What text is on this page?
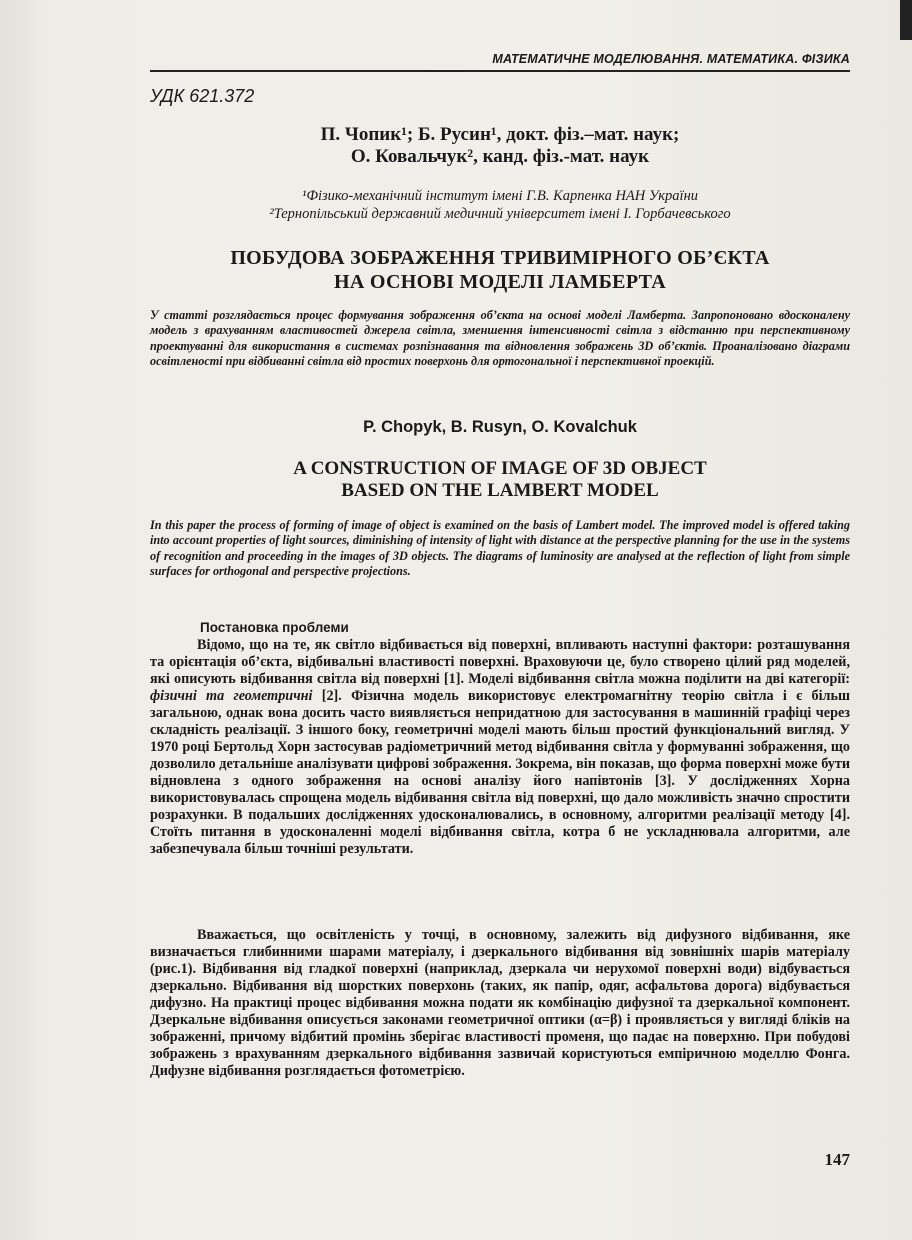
МАТЕМАТИЧНЕ МОДЕЛЮВАННЯ. МАТЕМАТИКА. ФІЗИКА
УДК 621.372
П. Чопик¹; Б. Русин¹, докт. фіз.–мат. наук;
О. Ковальчук², канд. фіз.-мат. наук
¹Фізико-механічний інститут імені Г.В. Карпенка НАН України
²Тернопільський державний медичний університет імені І. Горбачевського
ПОБУДОВА ЗОБРАЖЕННЯ ТРИВИМІРНОГО ОБ’ЄКТА
НА ОСНОВІ МОДЕЛІ ЛАМБЕРТА
У статті розглядається процес формування зображення об’єкта на основі моделі Ламберта. Запропоновано вдосконалену модель з врахуванням властивостей джерела світла, зменшення інтенсивності світла з відстанню при перспективному проектуванні для використання в системах розпізнавання та відновлення зображень 3D об’єктів. Проаналізовано діаграми освітленості при відбиванні світла від простих поверхонь для ортогональної і перспективної проекцій.
P. Chopyk, B. Rusyn, O. Kovalchuk
A CONSTRUCTION OF IMAGE OF 3D OBJECT
BASED ON THE LAMBERT MODEL
In this paper the process of forming of image of object is examined on the basis of Lambert model. The improved model is offered taking into account properties of light sources, diminishing of intensity of light with distance at the perspective planning for the use in the systems of recognition and proceeding in the images of 3D objects. The diagrams of luminosity are analysed at the reflection of light from simple surfaces for orthogonal and perspective projections.
Постановка проблеми
Відомо, що на те, як світло відбивається від поверхні, впливають наступні фактори: розташування та орієнтація об’єкта, відбивальні властивості поверхні. Враховуючи це, було створено цілий ряд моделей, які описують відбивання світла від поверхні [1]. Моделі відбивання світла можна поділити на дві категорії: фізичні та геометричні [2]. Фізична модель використовує електромагнітну теорію світла і є більш загальною, однак вона досить часто виявляється непридатною для застосування в машинній графіці через складність реалізації. З іншого боку, геометричні моделі мають більш простий функціональний вигляд. У 1970 році Бертольд Хорн застосував радіометричний метод відбивання світла у формуванні зображення, що дозволило детальніше аналізувати цифрові зображення. Зокрема, він показав, що форма поверхні може бути відновлена з одного зображення на основі аналізу його напівтонів [3]. У дослідженнях Хорна використовувалась спрощена модель відбивання світла від поверхні, що дало можливість значно спростити розрахунки. В подальших дослідженнях удосконалювались, в основному, алгоритми реалізації методу [4]. Стоїть питання в удосконаленні моделі відбивання світла, котра б не ускладнювала алгоритми, але забезпечувала більш точніші результати.
Вважається, що освітленість у точці, в основному, залежить від дифузного відбивання, яке визначається глибинними шарами матеріалу, і дзеркального відбивання від зовнішніх шарів матеріалу (рис.1). Відбивання від гладкої поверхні (наприклад, дзеркала чи нерухомої поверхні води) відбувається дзеркально. Відбивання від шорстких поверхонь (таких, як папір, одяг, асфальтова дорога) відбувається дифузно. На практиці процес відбивання можна подати як комбінацію дифузної та дзеркальної компонент. Дзеркальне відбивання описується законами геометричної оптики (α=β) і проявляється у вигляді бліків на зображенні, причому відбитий промінь зберігає властивості променя, що падає на поверхню. При побудові зображень з врахуванням дзеркального відбивання зазвичай користуються емпіричною моделлю Фонга. Дифузне відбивання розглядається фотометрією.
147
